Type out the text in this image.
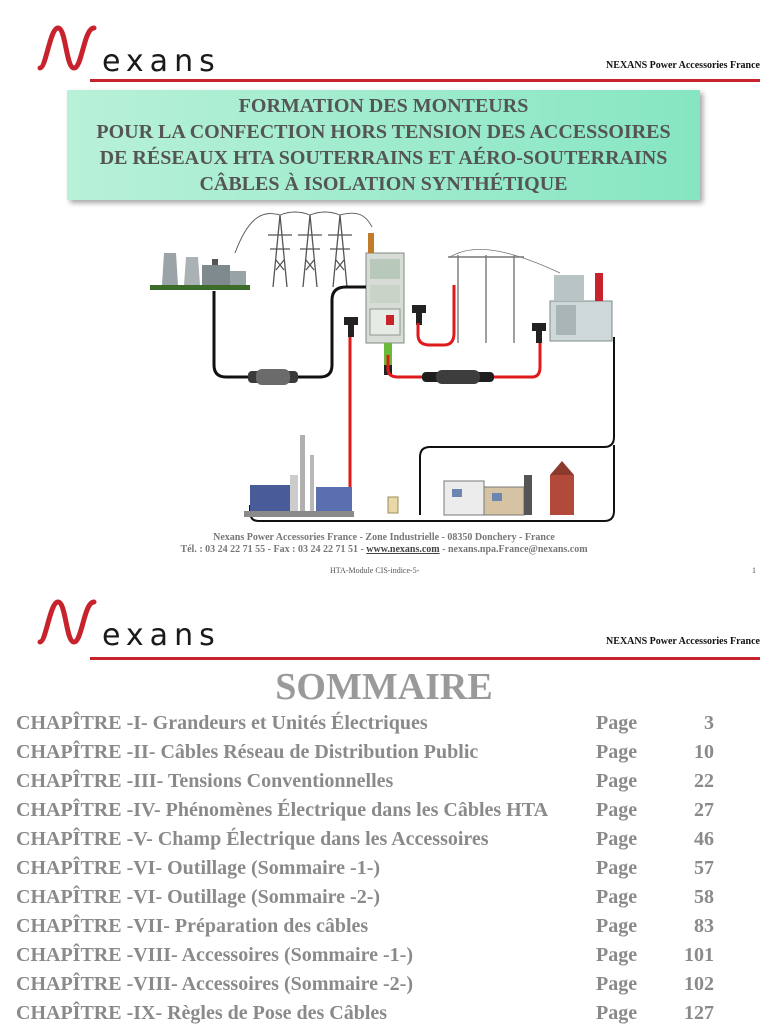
exans	NEXANS Power Accessories France
FORMATION DES MONTEURS
POUR LA CONFECTION HORS TENSION DES ACCESSOIRES
DE RÉSEAUX HTA SOUTERRAINS ET AÉRO-SOUTERRAINS
CÂBLES À ISOLATION SYNTHÉTIQUE
Nexans Power Accessories France - Zone Industrielle - 08350 Donchery - France
Tél. : 03 24 22 71 55 - Fax : 03 24 22 71 51 - www.nexans.com - nexans.npa.France@nexans.com
HTA-Module CIS-indice-5-	1
exans	NEXANS Power Accessories France
SOMMAIRE
CHAPÎTRE -I- Grandeurs et Unités Électriques	Page	3
CHAPÎTRE -II- Câbles Réseau de Distribution Public	Page	10
CHAPÎTRE -III- Tensions Conventionnelles	Page	22
CHAPÎTRE -IV- Phénomènes Électrique dans les Câbles HTA Page	27
CHAPÎTRE -V- Champ Électrique dans les Accessoires	Page	46
CHAPÎTRE -VI- Outillage (Sommaire -1-)	Page	57
CHAPÎTRE -VI- Outillage (Sommaire -2-)	Page	58
CHAPÎTRE -VII- Préparation des câbles	Page	83
CHAPÎTRE -VIII- Accessoires (Sommaire -1-)	Page 101
CHAPÎTRE -VIII- Accessoires (Sommaire -2-)	Page 102
CHAPÎTRE -IX- Règles de Pose des Câbles	Page 127
